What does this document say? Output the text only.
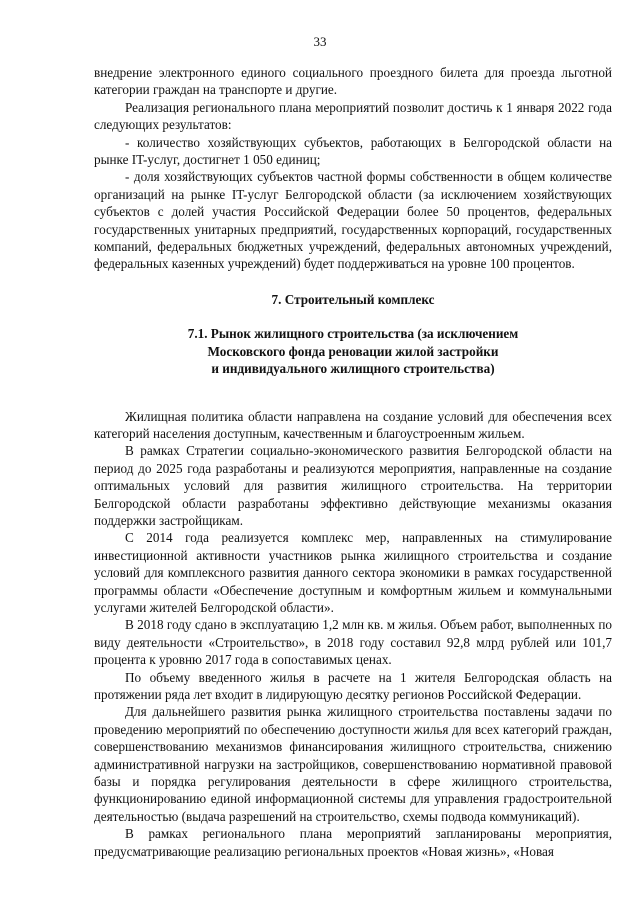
33

внедрение электронного единого социального проездного билета для проезда льготной категории граждан на транспорте и другие.

Реализация регионального плана мероприятий позволит достичь к 1 января 2022 года следующих результатов:

- количество хозяйствующих субъектов, работающих в Белгородской области на рынке IT-услуг, достигнет 1 050 единиц;

- доля хозяйствующих субъектов частной формы собственности в общем количестве организаций на рынке IT-услуг Белгородской области (за исключением хозяйствующих субъектов с долей участия Российской Федерации более 50 процентов, федеральных государственных унитарных предприятий, государственных корпораций, государственных компаний, федеральных бюджетных учреждений, федеральных автономных учреждений, федеральных казенных учреждений) будет поддерживаться на уровне 100 процентов.

7. Строительный комплекс

7.1. Рынок жилищного строительства (за исключением
Московского фонда реновации жилой застройки
и индивидуального жилищного строительства)

Жилищная политика области направлена на создание условий для обеспечения всех категорий населения доступным, качественным и благоустроенным жильем.

В рамках Стратегии социально-экономического развития Белгородской области на период до 2025 года разработаны и реализуются мероприятия, направленные на создание оптимальных условий для развития жилищного строительства. На территории Белгородской области разработаны эффективно действующие механизмы оказания поддержки застройщикам.

С 2014 года реализуется комплекс мер, направленных на стимулирование инвестиционной активности участников рынка жилищного строительства и создание условий для комплексного развития данного сектора экономики в рамках государственной программы области «Обеспечение доступным и комфортным жильем и коммунальными услугами жителей Белгородской области».

В 2018 году сдано в эксплуатацию 1,2 млн кв. м жилья. Объем работ, выполненных по виду деятельности «Строительство», в 2018 году составил 92,8 млрд рублей или 101,7 процента к уровню 2017 года в сопоставимых ценах.

По объему введенного жилья в расчете на 1 жителя Белгородская область на протяжении ряда лет входит в лидирующую десятку регионов Российской Федерации.

Для дальнейшего развития рынка жилищного строительства поставлены задачи по проведению мероприятий по обеспечению доступности жилья для всех категорий граждан, совершенствованию механизмов финансирования жилищного строительства, снижению административной нагрузки на застройщиков, совершенствованию нормативной правовой базы и порядка регулирования деятельности в сфере жилищного строительства, функционированию единой информационной системы для управления градостроительной деятельностью (выдача разрешений на строительство, схемы подвода коммуникаций).

В рамках регионального плана мероприятий запланированы мероприятия, предусматривающие реализацию региональных проектов «Новая жизнь», «Новая
